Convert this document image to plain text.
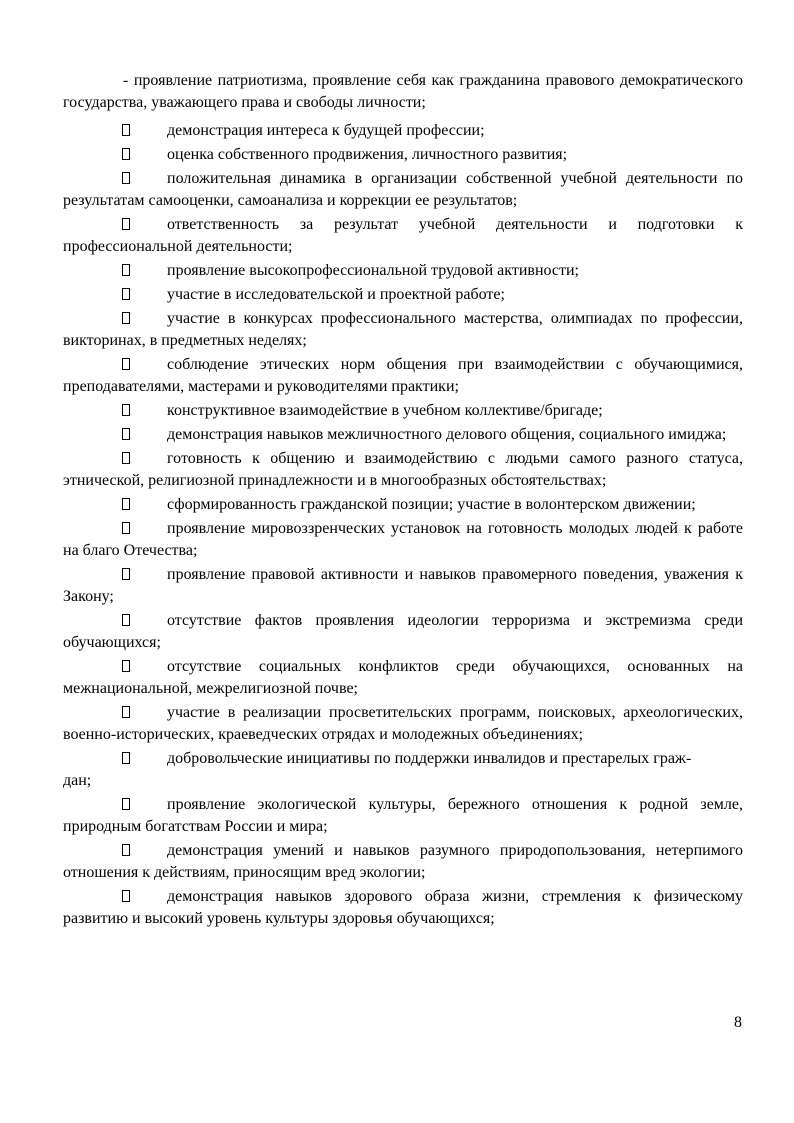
- проявление патриотизма, проявление себя как гражданина правового демократического государства, уважающего права и свободы личности;

демонстрация интереса к будущей профессии;

оценка собственного продвижения, личностного развития;

положительная динамика в организации собственной учебной деятельности по результатам самооценки, самоанализа и коррекции ее результатов;

ответственность за результат учебной деятельности и подготовки к профессиональной деятельности;

проявление высокопрофессиональной трудовой активности;

участие в исследовательской и проектной работе;

участие в конкурсах профессионального мастерства, олимпиадах по профессии, викторинах, в предметных неделях;

соблюдение этических норм общения при взаимодействии с обучающимися, преподавателями, мастерами и руководителями практики;

конструктивное взаимодействие в учебном коллективе/бригаде;

демонстрация навыков межличностного делового общения, социального имиджа;

готовность к общению и взаимодействию с людьми самого разного статуса, этнической, религиозной принадлежности и в многообразных обстоятельствах;

сформированность гражданской позиции; участие в волонтерском движении;

проявление мировоззренческих установок на готовность молодых людей к работе на благо Отечества;

проявление правовой активности и навыков правомерного поведения, уважения к Закону;

отсутствие фактов проявления идеологии терроризма и экстремизма среди обучающихся;

отсутствие социальных конфликтов среди обучающихся, основанных на межнациональной, межрелигиозной почве;

участие в реализации просветительских программ, поисковых, археологических, военно-исторических, краеведческих отрядах и молодежных объединениях;

добровольческие инициативы по поддержки инвалидов и престарелых граж-
дан;

проявление экологической культуры, бережного отношения к родной земле, природным богатствам России и мира;

демонстрация умений и навыков разумного природопользования, нетерпимого отношения к действиям, приносящим вред экологии;

демонстрация навыков здорового образа жизни, стремления к физическому развитию и высокий уровень культуры здоровья обучающихся;

8
